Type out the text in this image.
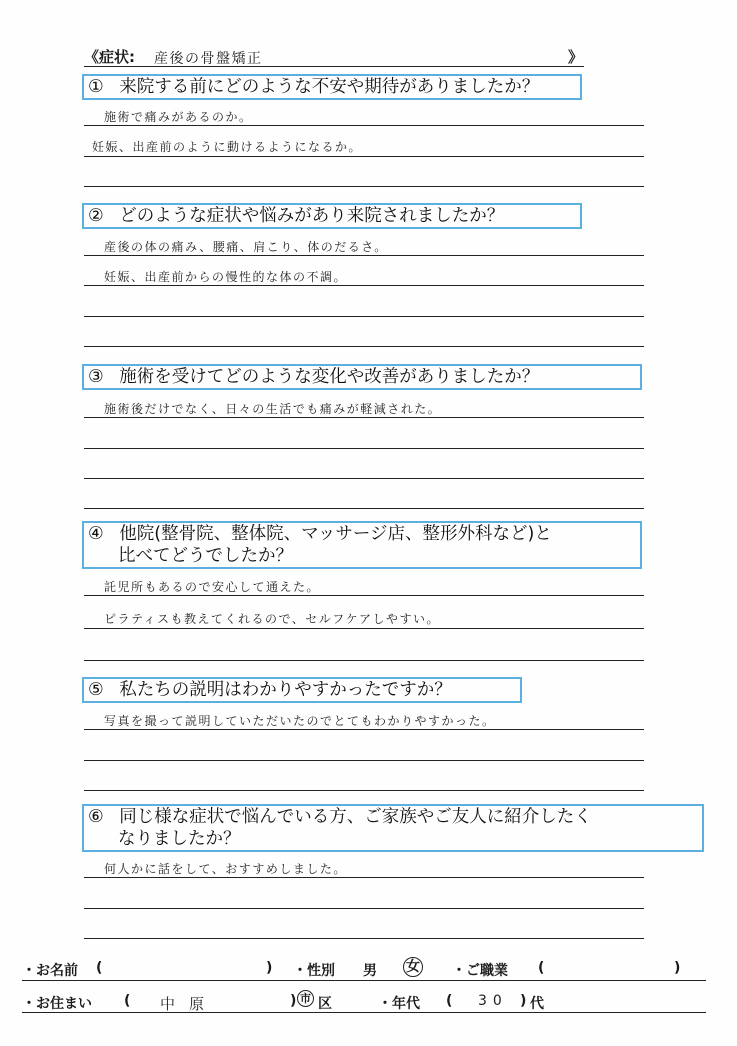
《症状: 産後の骨盤矯正	》
① 来院する前にどのような不安や期待がありましたか？
施術で痛みがあるのか。
妊娠、出産前のように動けるようになるか。
② どのような症状や悩みがあり来院されましたか？
産後の体の痛み、腰痛、肩こり、体のだるさ。
妊娠、出産前からの慢性的な体の不調。
③ 施術を受けてどのような変化や改善がありましたか？
施術後だけでなく、日々の生活でも痛みが軽減された。
④ 他院(整骨院、整体院、マッサージ店、整形外科など)と
比べてどうでしたか？
託児所もあるので安心して通えた。
ピラティスも教えてくれるので、セルフケアしやすい。
⑤ 私たちの説明はわかりやすかったですか？
写真を撮って説明していただいたのでとてもわかりやすかった。
⑥ 同じ様な症状で悩んでいる方、ご家族やご友人に紹介したく
なりましたか？
何人かに話をして、おすすめしました。
・お名前 (	) ・性別 男 女 ・ご職業 (	)
・お住まい ( 中原	) 市 区	・年代 ( 30 ) 代
